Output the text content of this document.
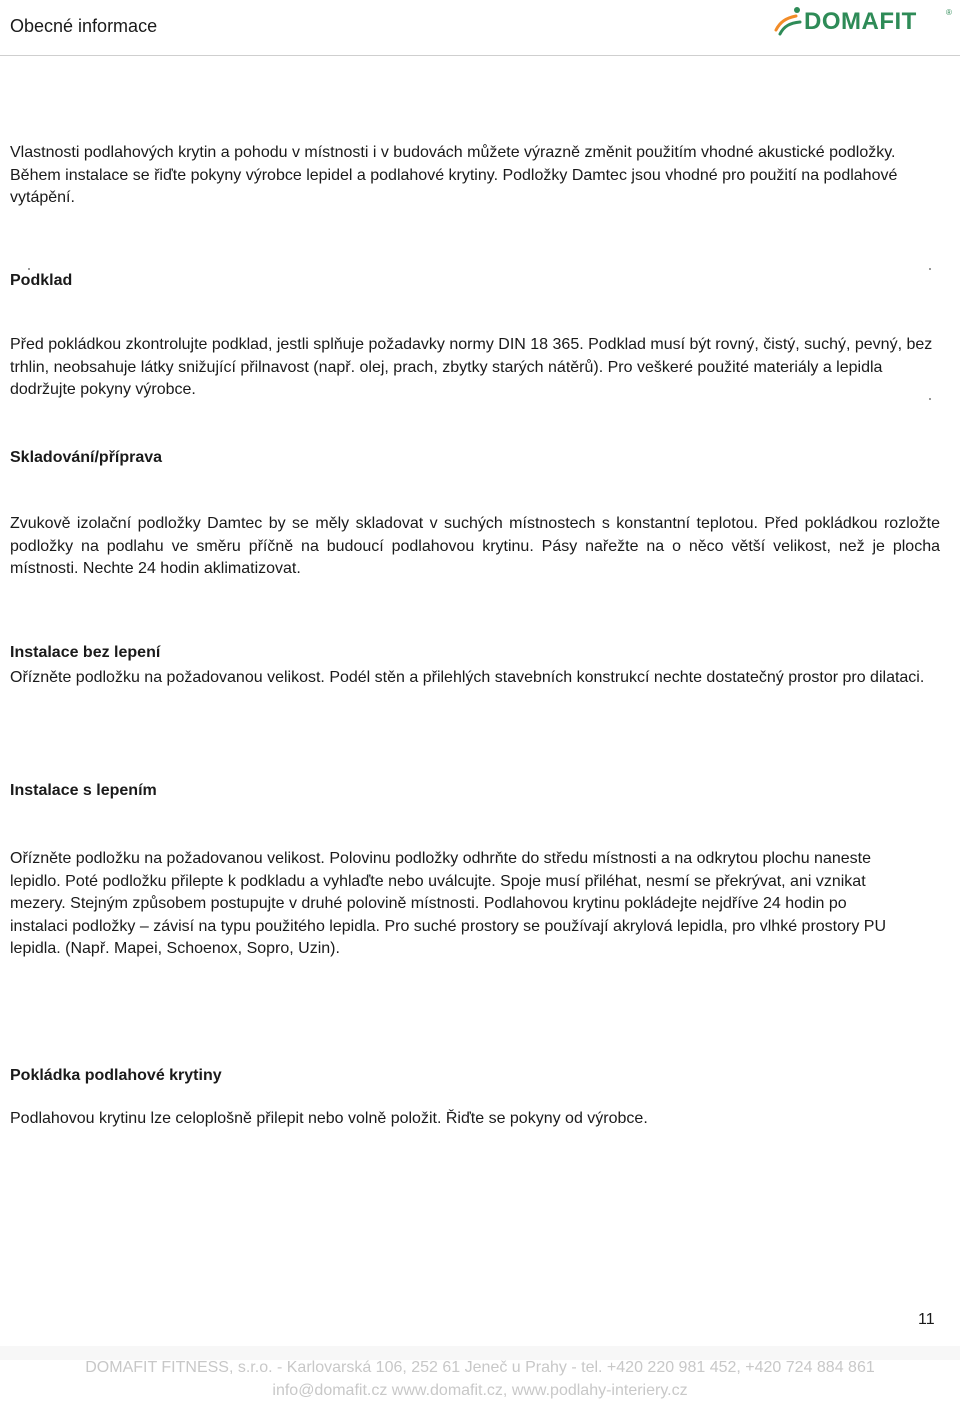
Obecné informace	DOMAFIT	®

Vlastnosti podlahových krytin a pohodu v místnosti i v budovách můžete výrazně změnit použitím vhodné akustické podložky. Během instalace se řiďte pokyny výrobce lepidel a podlahové krytiny. Podložky Damtec jsou vhodné pro použití na podlahové vytápění.

Podklad

Před pokládkou zkontrolujte podklad, jestli splňuje požadavky normy DIN 18 365. Podklad musí být rovný, čistý, suchý, pevný, bez trhlin, neobsahuje látky snižující přilnavost (např. olej, prach, zbytky starých nátěrů). Pro veškeré použité materiály a lepidla dodržujte pokyny výrobce.

Skladování/příprava

Zvukově izolační podložky Damtec by se měly skladovat v suchých místnostech s konstantní teplotou. Před pokládkou rozložte podložky na podlahu ve směru příčně na budoucí podlahovou krytinu. Pásy nařežte na o něco větší velikost, než je plocha místnosti. Nechte 24 hodin aklimatizovat.

Instalace bez lepení

Ořízněte podložku na požadovanou velikost. Podél stěn a přilehlých stavebních konstrukcí nechte dostatečný prostor pro dilataci.

Instalace s lepením

Ořízněte podložku na požadovanou velikost. Polovinu podložky odhrňte do středu místnosti a na odkrytou plochu naneste lepidlo. Poté podložku přilepte k podkladu a vyhlaďte nebo uválcujte. Spoje musí přiléhat, nesmí se překrývat, ani vznikat mezery. Stejným způsobem postupujte v druhé polovině místnosti. Podlahovou krytinu pokládejte nejdříve 24 hodin po instalaci podložky – závisí na typu použitého lepidla. Pro suché prostory se používají akrylová lepidla, pro vlhké prostory PU lepidla. (Např. Mapei, Schoenox, Sopro, Uzin).

Pokládka podlahové krytiny

Podlahovou krytinu lze celoplošně přilepit nebo volně položit. Řiďte se pokyny od výrobce.

11
DOMAFIT FITNESS, s.r.o. - Karlovarská 106, 252 61 Jeneč u Prahy - tel. +420 220 981 452, +420 724 884 861
info@domafit.cz www.domafit.cz, www.podlahy-interiery.cz
